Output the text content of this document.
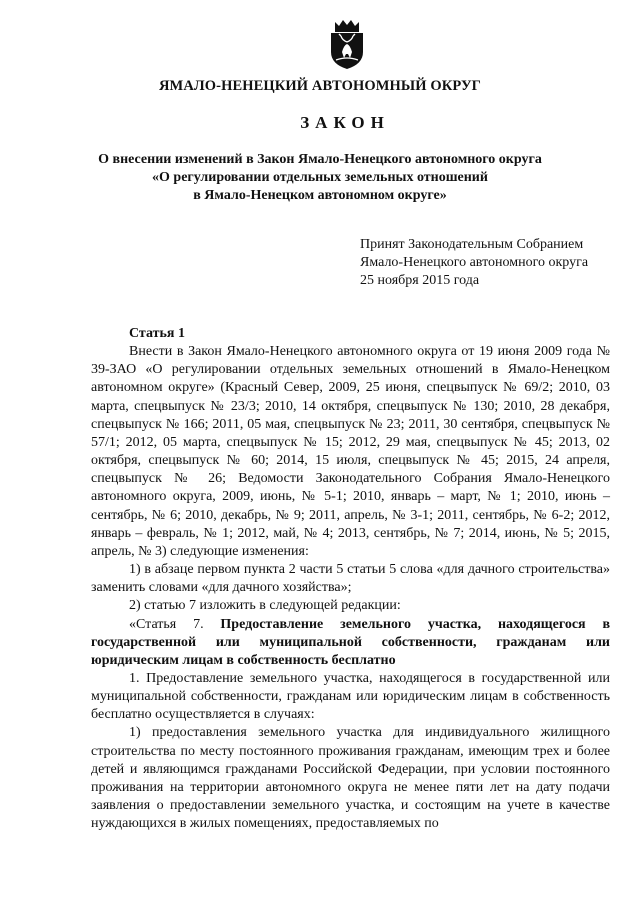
ЯМАЛО-НЕНЕЦКИЙ АВТОНОМНЫЙ ОКРУГ
ЗАКОН
О внесении изменений в Закон Ямало-Ненецкого автономного округа
«О регулировании отдельных земельных отношений
в Ямало-Ненецком автономном округе»
Принят Законодательным Собранием
Ямало-Ненецкого автономного округа
25 ноября 2015 года
Статья 1

Внести в Закон Ямало-Ненецкого автономного округа от 19 июня 2009 года № 39-ЗАО «О регулировании отдельных земельных отношений в Ямало-Ненецком автономном округе» (Красный Север, 2009, 25 июня, спецвыпуск № 69/2; 2010, 03 марта, спецвыпуск № 23/3; 2010, 14 октября, спецвыпуск № 130; 2010, 28 декабря, спецвыпуск № 166; 2011, 05 мая, спецвыпуск № 23; 2011, 30 сентября, спецвыпуск № 57/1; 2012, 05 марта, спецвыпуск № 15; 2012, 29 мая, спецвыпуск № 45; 2013, 02 октября, спецвыпуск № 60; 2014, 15 июля, спецвыпуск № 45; 2015, 24 апреля, спецвыпуск № 26; Ведомости Законодательного Собрания Ямало-Ненецкого автономного округа, 2009, июнь, № 5-1; 2010, январь – март, № 1; 2010, июнь – сентябрь, № 6; 2010, декабрь, № 9; 2011, апрель, № 3-1; 2011, сентябрь, № 6-2; 2012, январь – февраль, № 1; 2012, май, № 4; 2013, сентябрь, № 7; 2014, июнь, № 5; 2015, апрель, № 3) следующие изменения:

1) в абзаце первом пункта 2 части 5 статьи 5 слова «для дачного строительства» заменить словами «для дачного хозяйства»;

2) статью 7 изложить в следующей редакции:

«Статья 7. Предоставление земельного участка, находящегося в государственной или муниципальной собственности, гражданам или юридическим лицам в собственность бесплатно

1. Предоставление земельного участка, находящегося в государственной или муниципальной собственности, гражданам или юридическим лицам в собственность бесплатно осуществляется в случаях:

1) предоставления земельного участка для индивидуального жилищного строительства по месту постоянного проживания гражданам, имеющим трех и более детей и являющимся гражданами Российской Федерации, при условии постоянного проживания на территории автономного округа не менее пяти лет на дату подачи заявления о предоставлении земельного участка, и состоящим на учете в качестве нуждающихся в жилых помещениях, предоставляемых по
